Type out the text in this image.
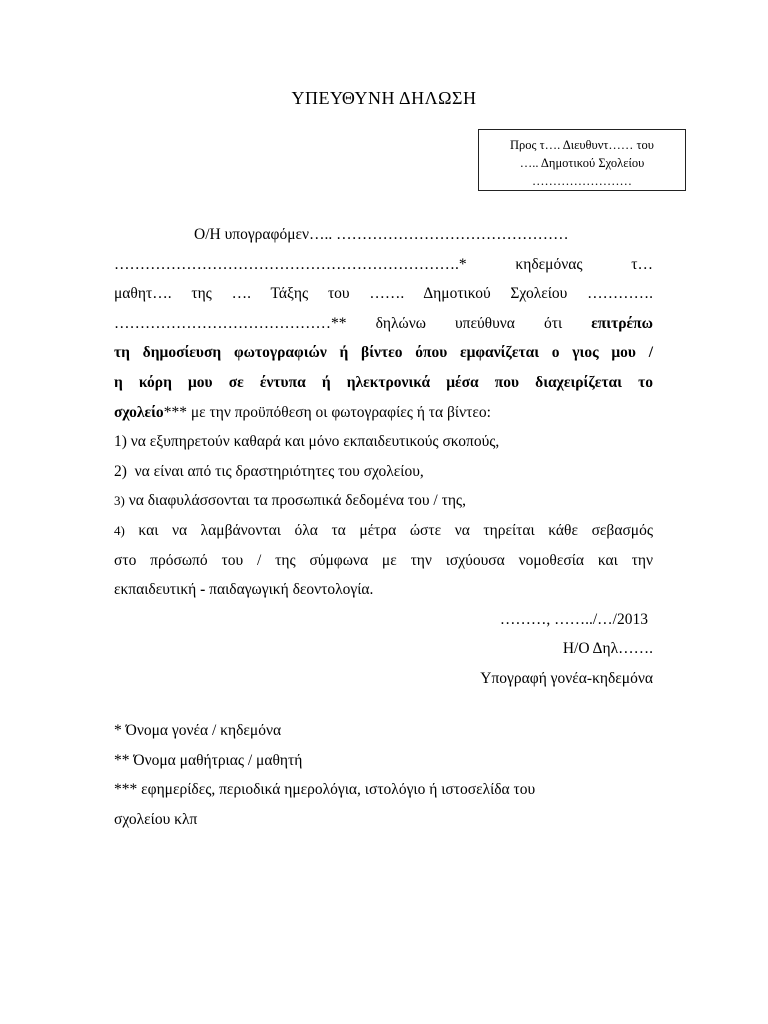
ΥΠΕΥΘΥΝΗ ΔΗΛΩΣΗ
Προς τ…. Διευθυντ…… του
….. Δημοτικού Σχολείου
……………………
Ο/Η υπογραφόμεν….. ………………………………………
………………………………………………………….* κηδεμόνας τ…
μαθητ…. της …. Τάξης του ……. Δημοτικού Σχολείου ………….
……………………………………** δηλώνω υπεύθυνα ότι επιτρέπω
τη δημοσίευση φωτογραφιών ή βίντεο όπου εμφανίζεται ο γιος μου /
η κόρη μου σε έντυπα ή ηλεκτρονικά μέσα που διαχειρίζεται το
σχολείο*** με την προϋπόθεση οι φωτογραφίες ή τα βίντεο:
1) να εξυπηρετούν καθαρά και μόνο εκπαιδευτικούς σκοπούς,
2)  να είναι από τις δραστηριότητες του σχολείου,
3) να διαφυλάσσονται τα προσωπικά δεδομένα του / της,
4) και να λαμβάνονται όλα τα μέτρα ώστε να τηρείται κάθε σεβασμός
στο πρόσωπό του / της σύμφωνα με την ισχύουσα νομοθεσία και την
εκπαιδευτική - παιδαγωγική δεοντολογία.
………, ……../…/2013
Η/Ο Δηλ…….
Υπογραφή γονέα-κηδεμόνα
* Όνομα γονέα / κηδεμόνα
** Όνομα μαθήτριας / μαθητή
*** εφημερίδες, περιοδικά ημερολόγια, ιστολόγιο ή ιστοσελίδα του
σχολείου κλπ
